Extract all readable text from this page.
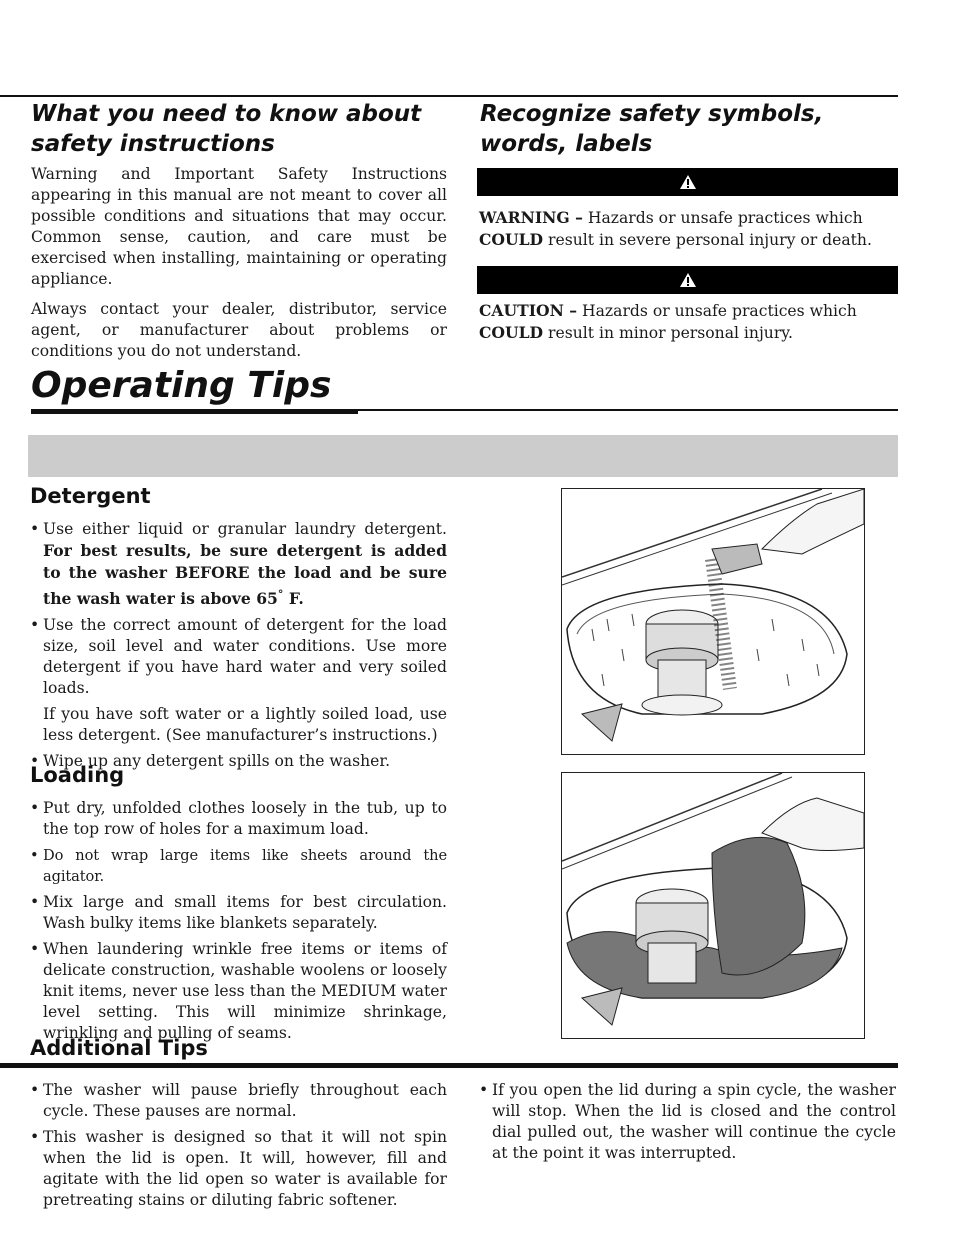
What you need to know about
safety instructions

Warning and Important Safety Instructions appearing in this manual are not meant to cover all possible conditions and situations that may occur. Common sense, caution, and care must be exercised when installing, maintaining or operating appliance.

Always contact your dealer, distributor, service agent, or manufacturer about problems or conditions you do not understand.

Recognize safety symbols,
words, labels
WARNING – Hazards or unsafe practices which
COULD result in severe personal injury or death.
CAUTION – Hazards or unsafe practices which
COULD result in minor personal injury.
Operating Tips
Detergent
• Use either liquid or granular laundry detergent. For best results, be sure detergent is added to the washer BEFORE the load and be sure the wash water is above 65° F.
• Use the correct amount of detergent for the load size, soil level and water conditions. Use more detergent if you have hard water and very soiled loads.
If you have soft water or a lightly soiled load, use less detergent. (See manufacturer’s instructions.)
• Wipe up any detergent spills on the washer.
Loading
• Put dry, unfolded clothes loosely in the tub, up to the top row of holes for a maximum load.
• Do not wrap large items like sheets around the agitator.
• Mix large and small items for best circulation. Wash bulky items like blankets separately.
• When laundering wrinkle free items or items of delicate construction, washable woolens or loosely knit items, never use less than the MEDIUM water level setting. This will minimize shrinkage, wrinkling and pulling of seams.
Additional Tips
• The washer will pause briefly throughout each cycle. These pauses are normal.
• This washer is designed so that it will not spin when the lid is open. It will, however, fill and agitate with the lid open so water is available for pretreating stains or diluting fabric softener.
• If you open the lid during a spin cycle, the washer will stop. When the lid is closed and the control dial pulled out, the washer will continue the cycle at the point it was interrupted.
